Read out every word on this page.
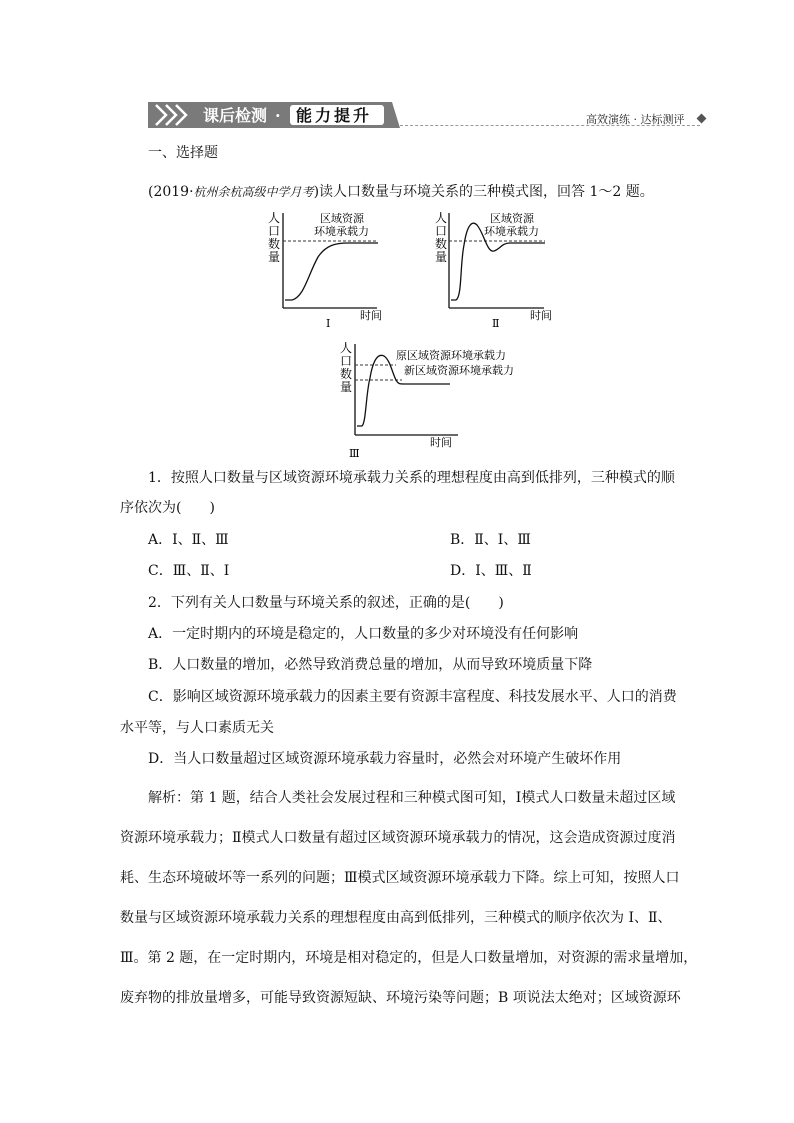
课后检测 · 能力提升	高效演练 · 达标测评
一、选择题
(2019·杭州余杭高级中学月考)读人口数量与环境关系的三种模式图，回答 1～2 题。
人
口
数
量
区域资源
环境承载力
时间
Ⅰ
人
口
数
量
区域资源
环境承载力
时间
Ⅱ
人
口
数
量
原区域资源环境承载力
新区域资源环境承载力
时间
Ⅲ
1．按照人口数量与区域资源环境承载力关系的理想程度由高到低排列，三种模式的顺
序依次为(　　)
A．Ⅰ、Ⅱ、Ⅲ	B．Ⅱ、Ⅰ、Ⅲ
C．Ⅲ、Ⅱ、Ⅰ	D．Ⅰ、Ⅲ、Ⅱ
2．下列有关人口数量与环境关系的叙述，正确的是(　　)
A．一定时期内的环境是稳定的，人口数量的多少对环境没有任何影响
B．人口数量的增加，必然导致消费总量的增加，从而导致环境质量下降
C．影响区域资源环境承载力的因素主要有资源丰富程度、科技发展水平、人口的消费
水平等，与人口素质无关
D．当人口数量超过区域资源环境承载力容量时，必然会对环境产生破坏作用
解析：第 1 题，结合人类社会发展过程和三种模式图可知，Ⅰ模式人口数量未超过区域
资源环境承载力；Ⅱ模式人口数量有超过区域资源环境承载力的情况，这会造成资源过度消
耗、生态环境破坏等一系列的问题；Ⅲ模式区域资源环境承载力下降。综上可知，按照人口
数量与区域资源环境承载力关系的理想程度由高到低排列，三种模式的顺序依次为 Ⅰ、Ⅱ、
Ⅲ。第 2 题，在一定时期内，环境是相对稳定的，但是人口数量增加，对资源的需求量增加，
废弃物的排放量增多，可能导致资源短缺、环境污染等问题；B 项说法太绝对；区域资源环
